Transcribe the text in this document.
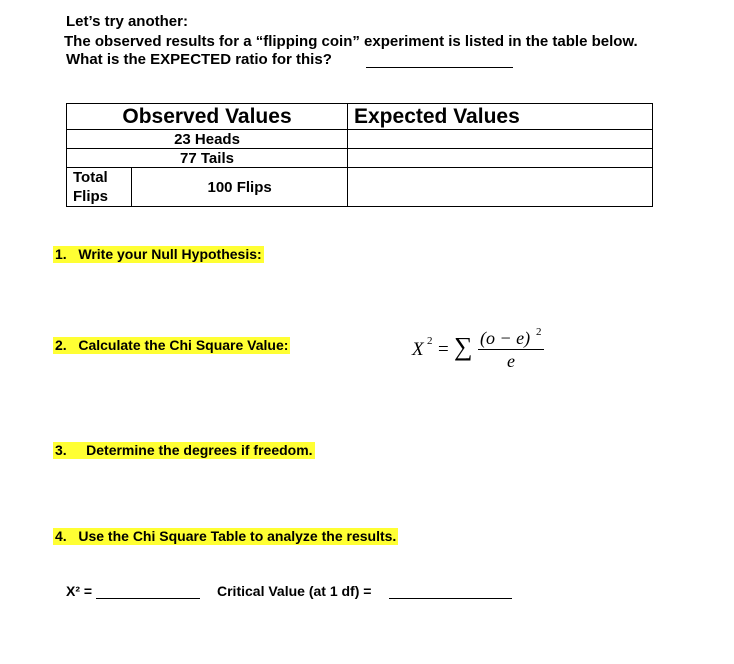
Let’s try another:
The observed results for a “flipping coin” experiment is listed in the table below.
What is the EXPECTED ratio for this?
Observed Values		Expected Values
23 Heads		
77 Tails		
Total Flips	100 Flips	
1. Write your Null Hypothesis:
2. Calculate the Chi Square Value:
3. Determine the degrees if freedom.
4. Use the Chi Square Table to analyze the results.
X 2 = ∑ (o − e) 2
e
X² =	Critical Value (at 1 df) =
